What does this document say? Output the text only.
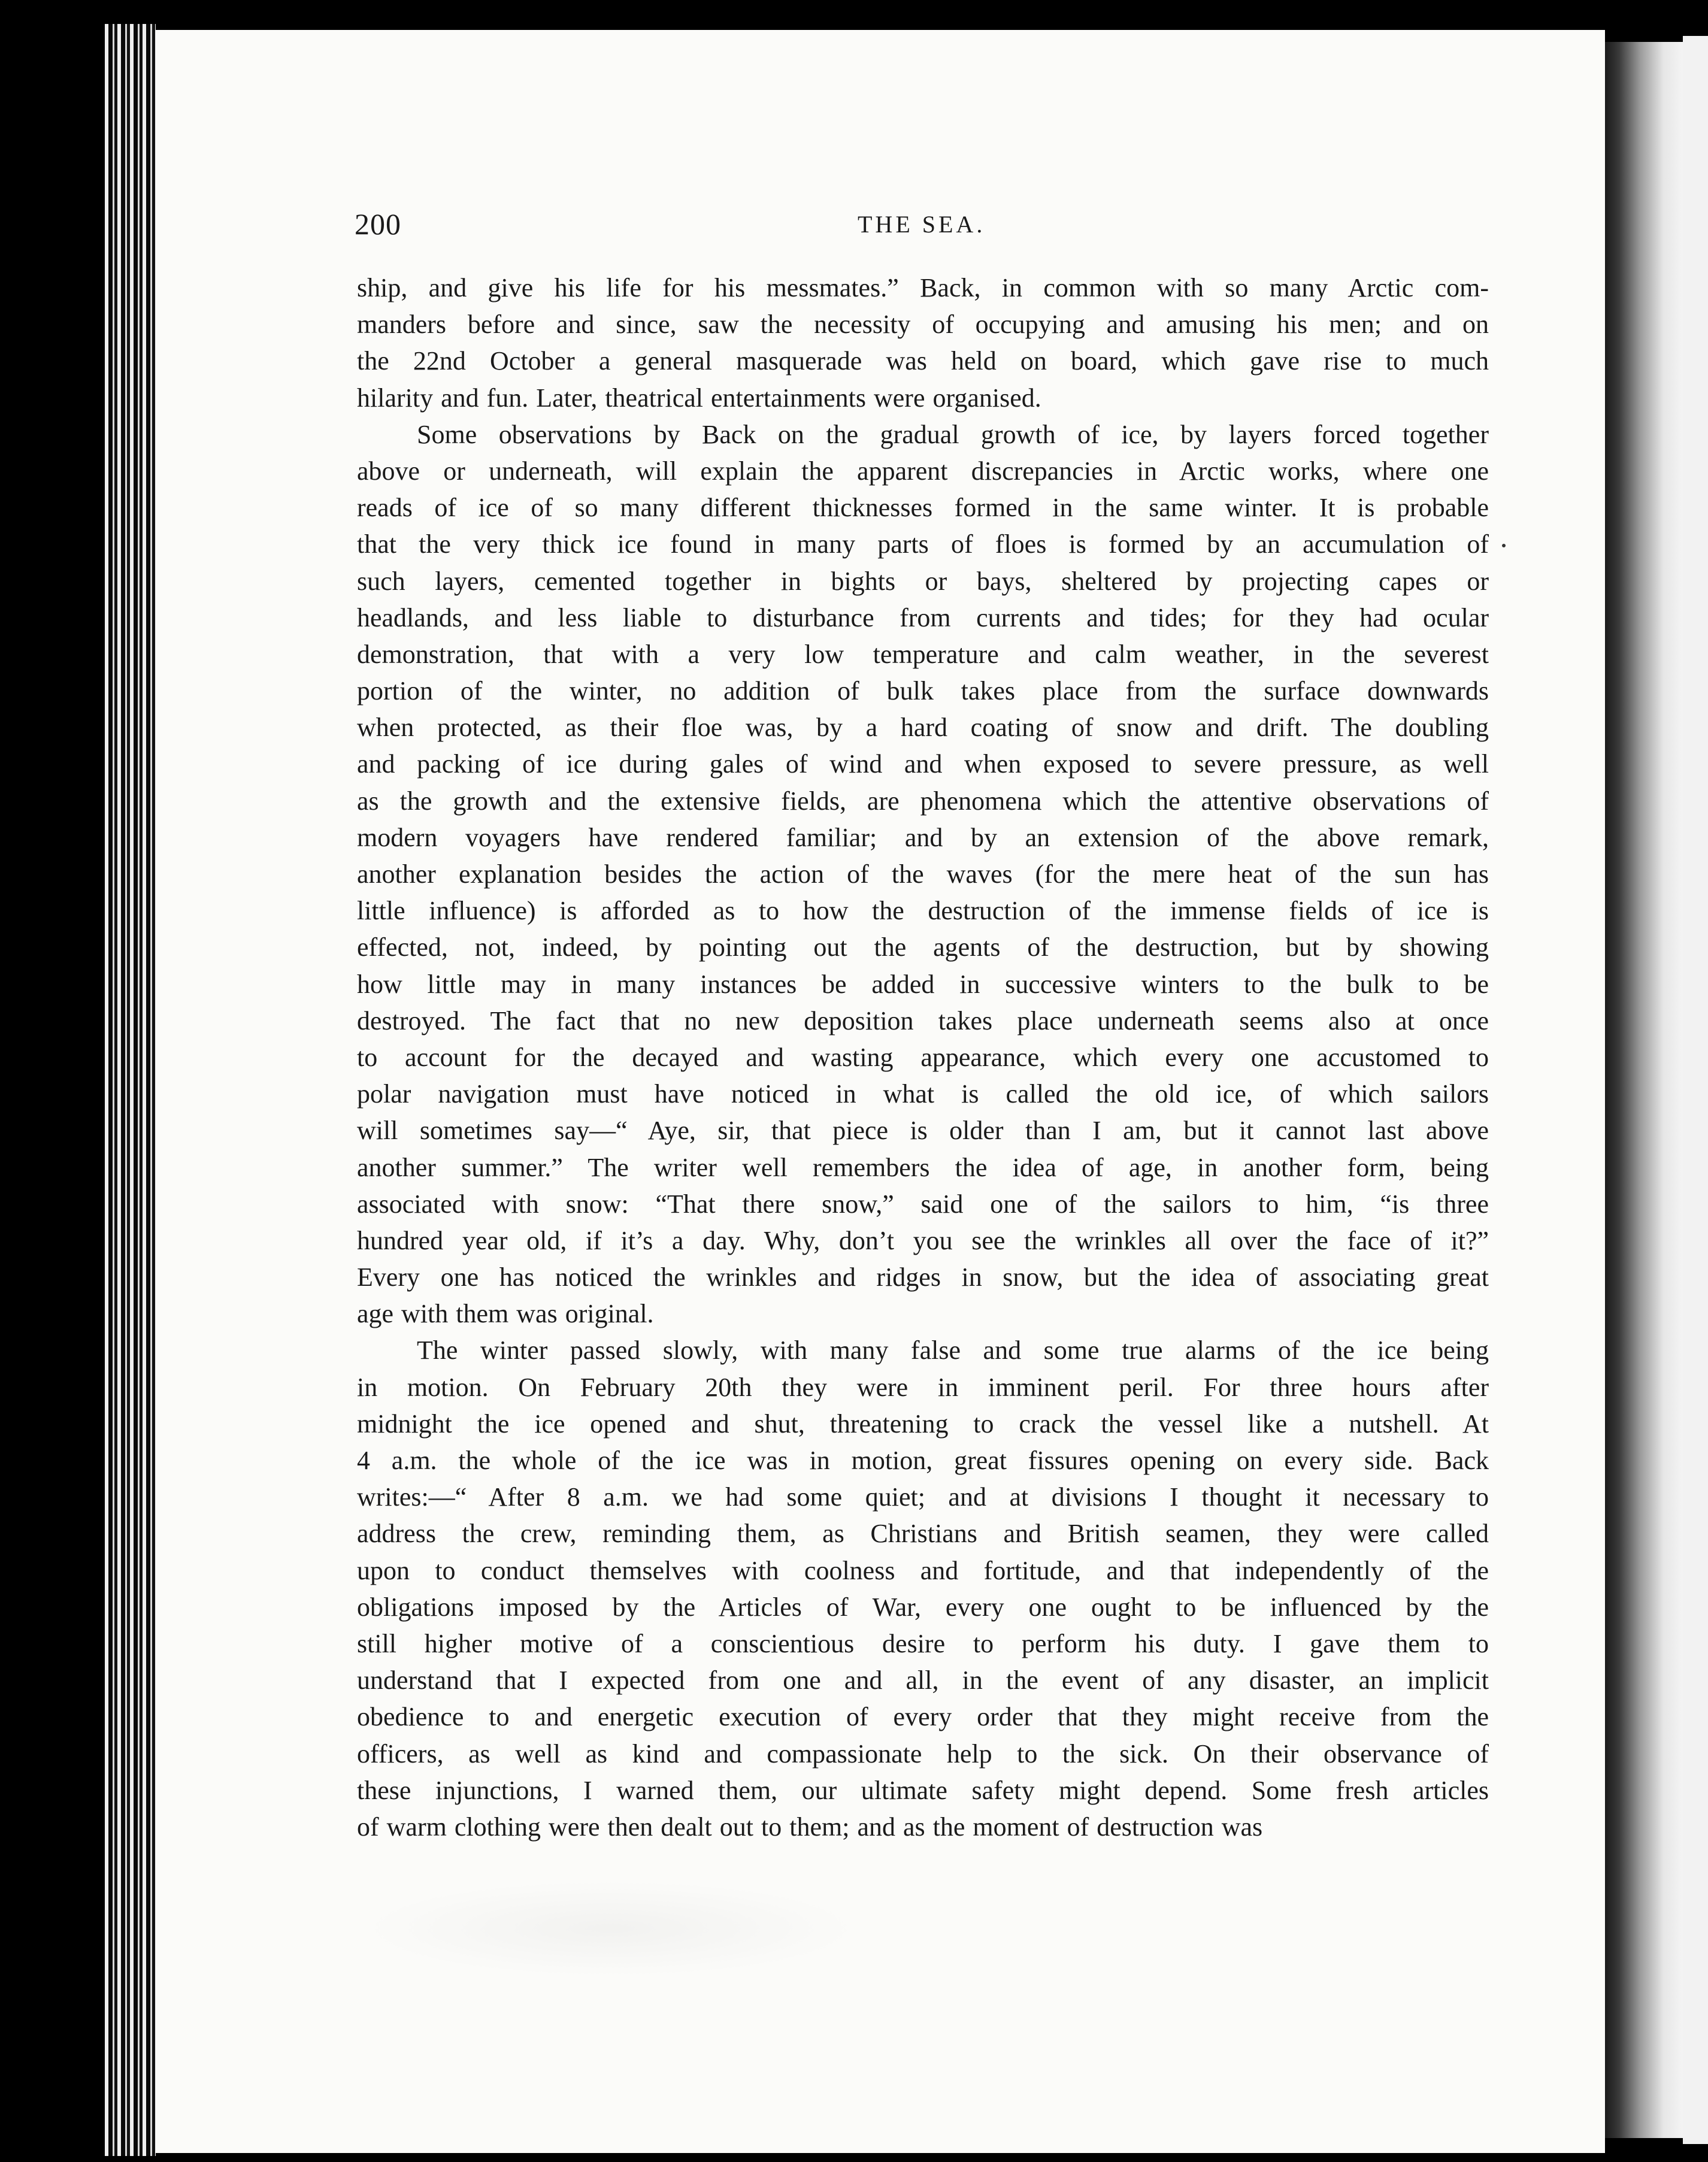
200	THE SEA.
ship, and give his life for his messmates.” Back, in common with so many Arctic com-
manders before and since, saw the necessity of occupying and amusing his men; and on
the 22nd October a general masquerade was held on board, which gave rise to much
hilarity and fun. Later, theatrical entertainments were organised.
Some observations by Back on the gradual growth of ice, by layers forced together
above or underneath, will explain the apparent discrepancies in Arctic works, where one
reads of ice of so many different thicknesses formed in the same winter. It is probable
that the very thick ice found in many parts of floes is formed by an accumulation of
such layers, cemented together in bights or bays, sheltered by projecting capes or
headlands, and less liable to disturbance from currents and tides; for they had ocular
demonstration, that with a very low temperature and calm weather, in the severest
portion of the winter, no addition of bulk takes place from the surface downwards
when protected, as their floe was, by a hard coating of snow and drift. The doubling
and packing of ice during gales of wind and when exposed to severe pressure, as well
as the growth and the extensive fields, are phenomena which the attentive observations of
modern voyagers have rendered familiar; and by an extension of the above remark,
another explanation besides the action of the waves (for the mere heat of the sun has
little influence) is afforded as to how the destruction of the immense fields of ice is
effected, not, indeed, by pointing out the agents of the destruction, but by showing
how little may in many instances be added in successive winters to the bulk to be
destroyed. The fact that no new deposition takes place underneath seems also at once
to account for the decayed and wasting appearance, which every one accustomed to
polar navigation must have noticed in what is called the old ice, of which sailors
will sometimes say—“ Aye, sir, that piece is older than I am, but it cannot last above
another summer.” The writer well remembers the idea of age, in another form, being
associated with snow: “That there snow,” said one of the sailors to him, “is three
hundred year old, if it’s a day. Why, don’t you see the wrinkles all over the face of it?”
Every one has noticed the wrinkles and ridges in snow, but the idea of associating great
age with them was original.
The winter passed slowly, with many false and some true alarms of the ice being
in motion. On February 20th they were in imminent peril. For three hours after
midnight the ice opened and shut, threatening to crack the vessel like a nutshell. At
4 a.m. the whole of the ice was in motion, great fissures opening on every side. Back
writes:—“ After 8 a.m. we had some quiet; and at divisions I thought it necessary to
address the crew, reminding them, as Christians and British seamen, they were called
upon to conduct themselves with coolness and fortitude, and that independently of the
obligations imposed by the Articles of War, every one ought to be influenced by the
still higher motive of a conscientious desire to perform his duty. I gave them to
understand that I expected from one and all, in the event of any disaster, an implicit
obedience to and energetic execution of every order that they might receive from the
officers, as well as kind and compassionate help to the sick. On their observance of
these injunctions, I warned them, our ultimate safety might depend. Some fresh articles
of warm clothing were then dealt out to them; and as the moment of destruction was
